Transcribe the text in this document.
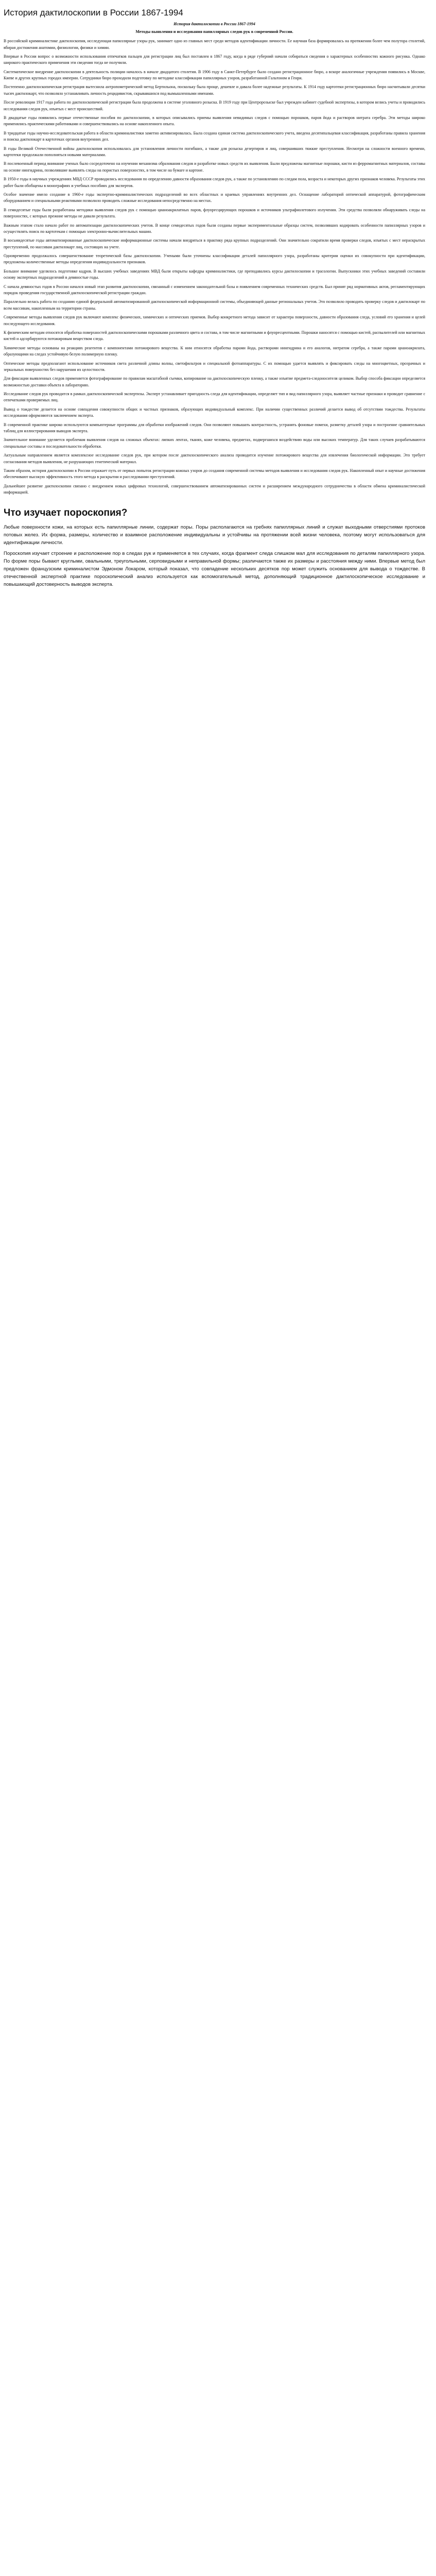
История дактилоскопии в России 1867-1994
История дактилоскопии в России 1867-1994
Методы выявления и исследования папиллярных следов рук в современной России.

В российской криминалистике дактилоскопия, исследующая папиллярные узоры рук, занимает одно из главных мест среди методов идентификации личности. Ее научная база формировалась на протяжении более чем полутора столетий, вбирая достижения анатомии, физиологии, физики и химии.

Впервые в России вопрос о возможности использования отпечатков пальцев для регистрации лиц был поставлен в 1867 году, когда в ряде губерний начали собираться сведения о характерных особенностях кожного рисунка. Однако широкого практического применения эти сведения тогда не получили.

Систематическое внедрение дактилоскопии в деятельность полиции началось в начале двадцатого столетия. В 1906 году в Санкт-Петербурге было создано регистрационное бюро, а вскоре аналогичные учреждения появились в Москве, Киеве и других крупных городах империи. Сотрудники бюро проходили подготовку по методике классификации папиллярных узоров, разработанной Гальтоном и Генри.

Постепенно дактилоскопическая регистрация вытеснила антропометрический метод Бертильона, поскольку была проще, дешевле и давала более надежные результаты. К 1914 году картотеки регистрационных бюро насчитывали десятки тысяч дактилокарт, что позволяло устанавливать личность рецидивистов, скрывавшихся под вымышленными именами.

После революции 1917 года работа по дактилоскопической регистрации была продолжена в системе уголовного розыска. В 1919 году при Центророзыске был учрежден кабинет судебной экспертизы, в котором велись учеты и проводились исследования следов рук, изъятых с мест происшествий.

В двадцатые годы появились первые отечественные пособия по дактилоскопии, в которых описывались приемы выявления невидимых следов с помощью порошков, паров йода и растворов нитрата серебра. Эти методы широко применялись практическими работниками и совершенствовались на основе накопленного опыта.

В тридцатые годы научно-исследовательская работа в области криминалистики заметно активизировалась. Была создана единая система дактилоскопического учета, введена десятипальцевая классификация, разработаны правила хранения и поиска дактилокарт в картотеках органов внутренних дел.

В годы Великой Отечественной войны дактилоскопия использовалась для установления личности погибших, а также для розыска дезертиров и лиц, совершивших тяжкие преступления. Несмотря на сложности военного времени, картотеки продолжали пополняться новыми материалами.

В послевоенный период внимание ученых было сосредоточено на изучении механизма образования следов и разработке новых средств их выявления. Были предложены магнитные порошки, кисти из ферромагнитных материалов, составы на основе нингидрина, позволявшие выявлять следы на пористых поверхностях, в том числе на бумаге и картоне.

В 1950-е годы в научных учреждениях МВД СССР проводились исследования по определению давности образования следов рук, а также по установлению по следам пола, возраста и некоторых других признаков человека. Результаты этих работ были обобщены в монографиях и учебных пособиях для экспертов.

Особое значение имело создание в 1960-е годы экспертно-криминалистических подразделений во всех областных и краевых управлениях внутренних дел. Оснащение лабораторий оптической аппаратурой, фотографическим оборудованием и специальными реактивами позволило проводить сложные исследования непосредственно на местах.

В семидесятые годы были разработаны методики выявления следов рук с помощью цианоакрилатных паров, флуоресцирующих порошков и источников ультрафиолетового излучения. Эти средства позволяли обнаруживать следы на поверхностях, с которых прежние методы не давали результата.

Важным этапом стало начало работ по автоматизации дактилоскопических учетов. В конце семидесятых годов были созданы первые экспериментальные образцы систем, позволявших кодировать особенности папиллярных узоров и осуществлять поиск по картотекам с помощью электронно-вычислительных машин.

В восьмидесятые годы автоматизированные дактилоскопические информационные системы начали внедряться в практику ряда крупных подразделений. Они значительно сократили время проверки следов, изъятых с мест нераскрытых преступлений, по массивам дактилокарт лиц, состоящих на учете.

Одновременно продолжалось совершенствование теоретической базы дактилоскопии. Учеными были уточнены классификации деталей папиллярного узора, разработаны критерии оценки их совокупности при идентификации, предложены количественные методы определения индивидуальности признаков.

Большое внимание уделялось подготовке кадров. В высших учебных заведениях МВД были открыты кафедры криминалистики, где преподавались курсы дактилоскопии и трасологии. Выпускники этих учебных заведений составили основу экспертных подразделений в девяностые годы.

С начала девяностых годов в России начался новый этап развития дактилоскопии, связанный с изменением законодательной базы и появлением современных технических средств. Был принят ряд нормативных актов, регламентирующих порядок проведения государственной дактилоскопической регистрации граждан.

Параллельно велась работа по созданию единой федеральной автоматизированной дактилоскопической информационной системы, объединяющей данные региональных учетов. Это позволило проводить проверку следов и дактилокарт по всем массивам, накопленным на территории страны.

Современные методы выявления следов рук включают комплекс физических, химических и оптических приемов. Выбор конкретного метода зависит от характера поверхности, давности образования следа, условий его хранения и целей последующего исследования.

К физическим методам относятся обработка поверхностей дактилоскопическими порошками различного цвета и состава, в том числе магнитными и флуоресцентными. Порошки наносятся с помощью кистей, распылителей или магнитных кистей и адсорбируются потожировым веществом следа.

Химические методы основаны на реакциях реагентов с компонентами потожирового вещества. К ним относятся обработка парами йода, растворами нингидрина и его аналогов, нитратом серебра, а также парами цианоакрилата, образующими на следах устойчивую белую полимерную пленку.

Оптические методы предполагают использование источников света различной длины волны, светофильтров и специальной фотоаппаратуры. С их помощью удается выявлять и фиксировать следы на многоцветных, прозрачных и зеркальных поверхностях без нарушения их целостности.

Для фиксации выявленных следов применяется фотографирование по правилам масштабной съемки, копирование на дактилоскопическую пленку, а также изъятие предмета-следоносителя целиком. Выбор способа фиксации определяется возможностью доставки объекта в лабораторию.

Исследование следов рук проводится в рамках дактилоскопической экспертизы. Эксперт устанавливает пригодность следа для идентификации, определяет тип и вид папиллярного узора, выявляет частные признаки и проводит сравнение с отпечатками проверяемых лиц.

Вывод о тождестве делается на основе совпадения совокупности общих и частных признаков, образующих индивидуальный комплекс. При наличии существенных различий делается вывод об отсутствии тождества. Результаты исследования оформляются заключением эксперта.

В современной практике широко используются компьютерные программы для обработки изображений следов. Они позволяют повышать контрастность, устранять фоновые помехи, разметку деталей узора и построение сравнительных таблиц для иллюстрирования выводов эксперта.

Значительное внимание уделяется проблемам выявления следов на сложных объектах: липких лентах, тканях, коже человека, предметах, подвергшихся воздействию воды или высоких температур. Для таких случаев разрабатываются специальные составы и последовательности обработки.

Актуальным направлением является комплексное исследование следов рук, при котором после дактилоскопического анализа проводится изучение потожирового вещества для извлечения биологической информации. Это требует согласования методов выявления, не разрушающих генетический материал.

Таким образом, история дактилоскопии в России отражает путь от первых попыток регистрации кожных узоров до создания современной системы методов выявления и исследования следов рук. Накопленный опыт и научные достижения обеспечивают высокую эффективность этого метода в раскрытии и расследовании преступлений.

Дальнейшее развитие дактилоскопии связано с внедрением новых цифровых технологий, совершенствованием автоматизированных систем и расширением международного сотрудничества в области обмена криминалистической информацией.

Что изучает пороскопия?

Любые поверхности кожи, на которых есть папиллярные линии, содержат поры. Поры располагаются на гребнях папиллярных линий и служат выходными отверстиями протоков потовых желез. Их форма, размеры, количество и взаимное расположение индивидуальны и устойчивы на протяжении всей жизни человека, поэтому могут использоваться для идентификации личности.

Пороскопия изучает строение и расположение пор в следах рук и применяется в тех случаях, когда фрагмент следа слишком мал для исследования по деталям папиллярного узора. По форме поры бывают круглыми, овальными, треугольными, серповидными и неправильной формы; различаются также их размеры и расстояния между ними. Впервые метод был предложен французским криминалистом Эдмоном Локаром, который показал, что совпадение нескольких десятков пор может служить основанием для вывода о тождестве. В отечественной экспертной практике пороскопический анализ используется как вспомогательный метод, дополняющий традиционное дактилоскопическое исследование и повышающий достоверность выводов эксперта.
